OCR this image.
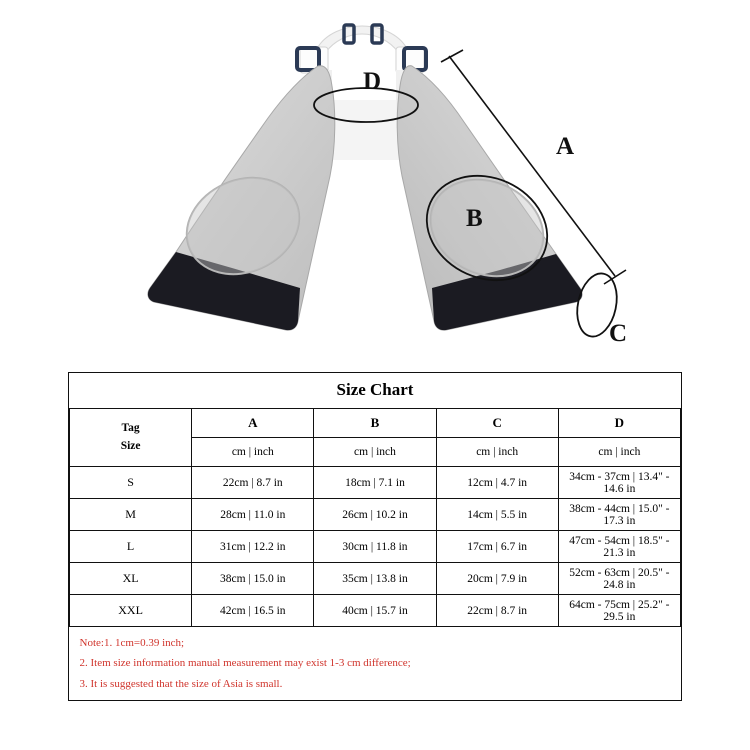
A
B
C
D
Size Chart				

Tag
Size	A	B	C	D
	cm | inch	cm | inch	cm | inch	cm | inch
S	22cm | 8.7 in	18cm | 7.1 in	12cm | 4.7 in	34cm - 37cm | 13.4" - 14.6 in
M	28cm | 11.0 in	26cm | 10.2 in	14cm | 5.5 in	38cm - 44cm | 15.0" - 17.3 in
L	31cm | 12.2 in	30cm | 11.8 in	17cm | 6.7 in	47cm - 54cm | 18.5" - 21.3 in
XL	38cm | 15.0 in	35cm | 13.8 in	20cm | 7.9 in	52cm - 63cm | 20.5" - 24.8 in
XXL	42cm | 16.5 in	40cm | 15.7 in	22cm | 8.7 in	64cm - 75cm | 25.2" - 29.5 in

Note:1. 1cm=0.39 inch;
2. Item size information manual measurement may exist 1-3 cm difference;
3. It is suggested that the size of Asia is small.				
